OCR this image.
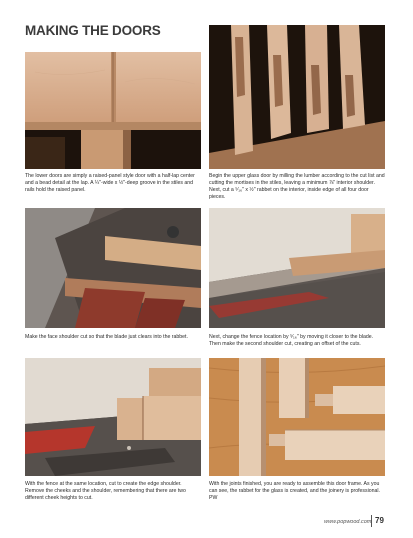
MAKING THE DOORS
The lower doors are simply a raised-panel style door with a half-lap center and a bead detail at the lap. A ¼"-wide x ½"-deep groove in the stiles and rails hold the raised panel.
Begin the upper glass door by milling the lumber according to the cut list and cutting the mortises in the stiles, leaving a minimum ⅞" interior shoulder. Next, cut a ⁵⁄₁₆" x ½" rabbet on the interior, inside edge of all four door pieces.
Make the face shoulder cut so that the blade just clears into the rabbet.	Next, change the fence location by ⁵⁄₁₆" by moving it closer to the blade. Then make the second shoulder cut, creating an offset of the cuts.
With the fence at the same location, cut to create the edge shoulder. Remove the cheeks and the shoulder, remembering that there are two different cheek heights to cut.
With the joints finished, you are ready to assemble this door frame. As you can see, the rabbet for the glass is created, and the joinery is professional. PW
www.popwood.com 79
